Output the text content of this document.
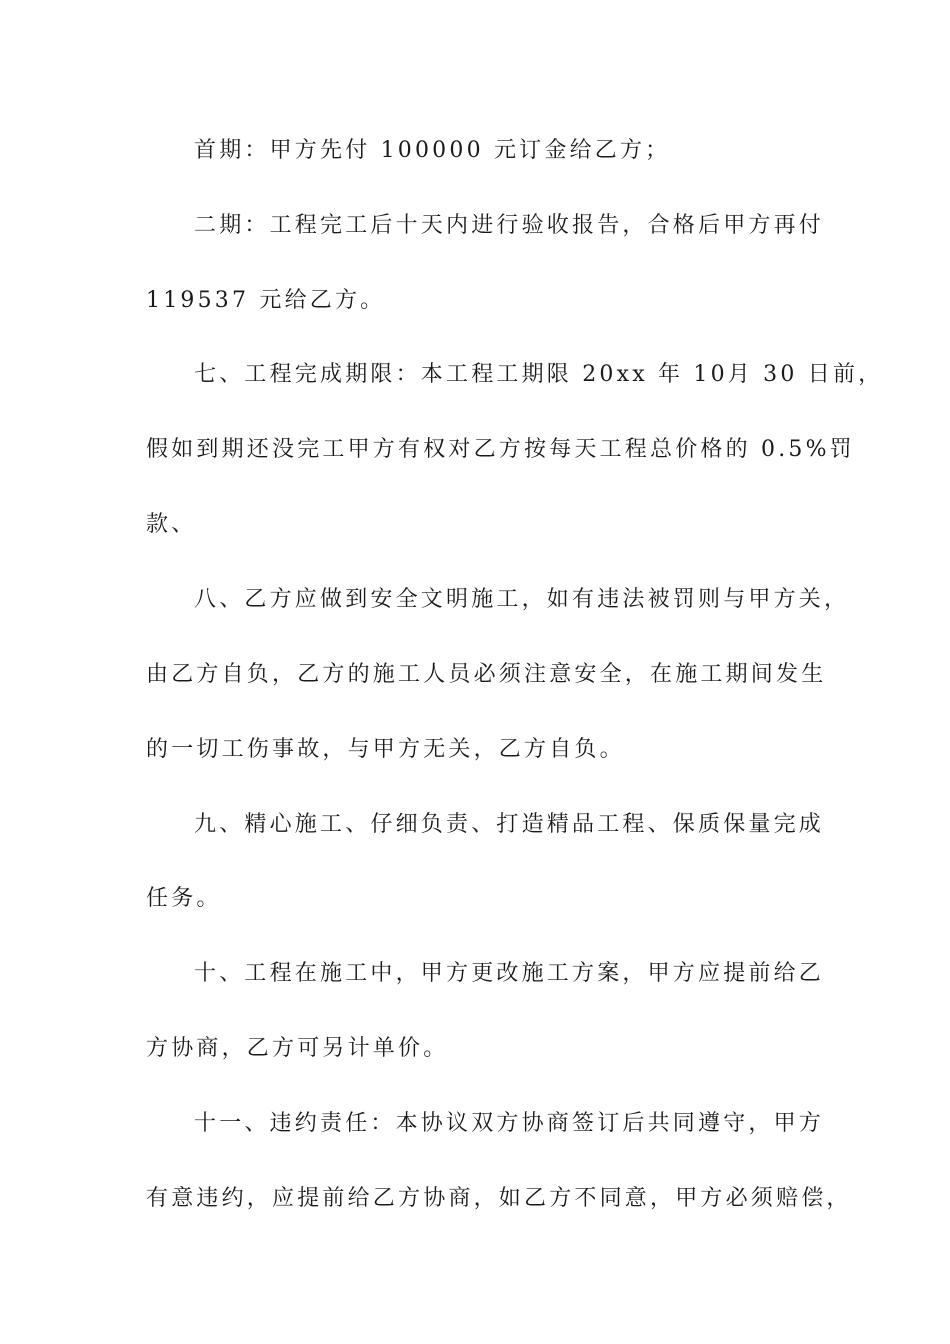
首期：甲方先付 100000 元订金给乙方；
二期：工程完工后十天内进行验收报告，合格后甲方再付
119537 元给乙方。
七、工程完成期限：本工程工期限 20xx 年 10月 30 日前，
假如到期还没完工甲方有权对乙方按每天工程总价格的 0.5%罚
款、
八、乙方应做到安全文明施工，如有违法被罚则与甲方关，
由乙方自负，乙方的施工人员必须注意安全，在施工期间发生
的一切工伤事故，与甲方无关，乙方自负。
九、精心施工、仔细负责、打造精品工程、保质保量完成
任务。
十、工程在施工中，甲方更改施工方案，甲方应提前给乙
方协商，乙方可另计单价。
十一、违约责任：本协议双方协商签订后共同遵守，甲方
有意违约，应提前给乙方协商，如乙方不同意，甲方必须赔偿，
